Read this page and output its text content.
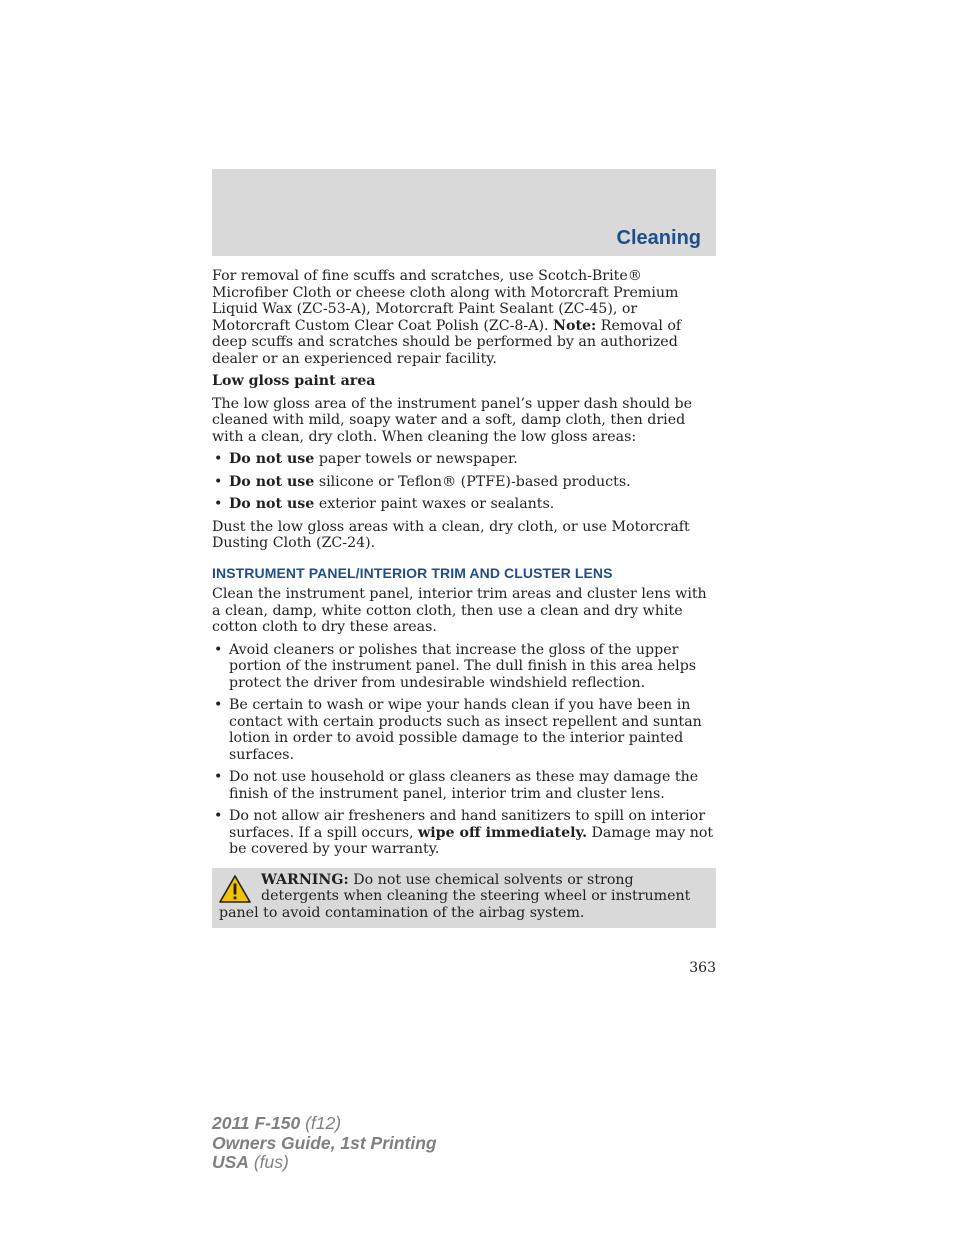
Cleaning

For removal of fine scuffs and scratches, use Scotch-Brite® Microfiber Cloth or cheese cloth along with Motorcraft Premium Liquid Wax (ZC-53-A), Motorcraft Paint Sealant (ZC-45), or Motorcraft Custom Clear Coat Polish (ZC-8-A). Note: Removal of deep scuffs and scratches should be performed by an authorized dealer or an experienced repair facility.

Low gloss paint area

The low gloss area of the instrument panel’s upper dash should be cleaned with mild, soapy water and a soft, damp cloth, then dried with a clean, dry cloth. When cleaning the low gloss areas:

• Do not use paper towels or newspaper.
• Do not use silicone or Teflon® (PTFE)-based products.
• Do not use exterior paint waxes or sealants.

Dust the low gloss areas with a clean, dry cloth, or use Motorcraft Dusting Cloth (ZC-24).

INSTRUMENT PANEL/INTERIOR TRIM AND CLUSTER LENS

Clean the instrument panel, interior trim areas and cluster lens with a clean, damp, white cotton cloth, then use a clean and dry white cotton cloth to dry these areas.

• Avoid cleaners or polishes that increase the gloss of the upper portion of the instrument panel. The dull finish in this area helps protect the driver from undesirable windshield reflection.
• Be certain to wash or wipe your hands clean if you have been in contact with certain products such as insect repellent and suntan lotion in order to avoid possible damage to the interior painted surfaces.
• Do not use household or glass cleaners as these may damage the finish of the instrument panel, interior trim and cluster lens.
• Do not allow air fresheners and hand sanitizers to spill on interior surfaces. If a spill occurs, wipe off immediately. Damage may not be covered by your warranty.
WARNING: Do not use chemical solvents or strong detergents when cleaning the steering wheel or instrument panel to avoid contamination of the airbag system.
363
2011 F-150 (f12)
Owners Guide, 1st Printing
USA (fus)
